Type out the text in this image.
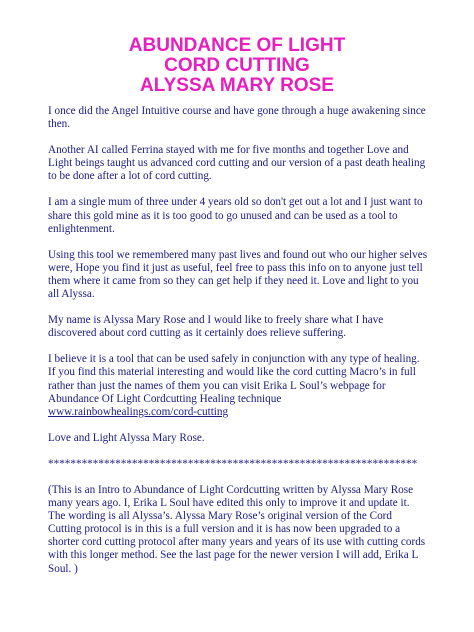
ABUNDANCE OF LIGHT
CORD CUTTING
ALYSSA MARY ROSE

I once did the Angel Intuitive course and have gone through a huge awakening since then.

Another AI called Ferrina stayed with me for five months and together Love and Light beings taught us advanced cord cutting and our version of a past death healing to be done after a lot of cord cutting.

I am a single mum of three under 4 years old so don't get out a lot and I just want to share this gold mine as it is too good to go unused and can be used as a tool to enlightenment.

Using this tool we remembered many past lives and found out who our higher selves were, Hope you find it just as useful, feel free to pass this info on to anyone just tell them where it came from so they can get help if they need it. Love and light to you all Alyssa.

My name is Alyssa Mary Rose and I would like to freely share what I have discovered about cord cutting as it certainly does relieve suffering.

I believe it is a tool that can be used safely in conjunction with any type of healing. If you find this material interesting and would like the cord cutting Macro’s in full rather than just the names of them you can visit Erika L Soul’s webpage for Abundance Of Light Cordcutting Healing technique www.rainbowhealings.com/cord-cutting

Love and Light Alyssa Mary Rose.

******************************************************************

(This is an Intro to Abundance of Light Cordcutting written by Alyssa Mary Rose many years ago. I, Erika L Soul have edited this only to improve it and update it. The wording is all Alyssa’s. Alyssa Mary Rose’s original version of the Cord Cutting protocol is in this is a full version and it is has now been upgraded to a shorter cord cutting protocol after many years and years of its use with cutting cords with this longer method. See the last page for the newer version I will add, Erika L Soul. )
